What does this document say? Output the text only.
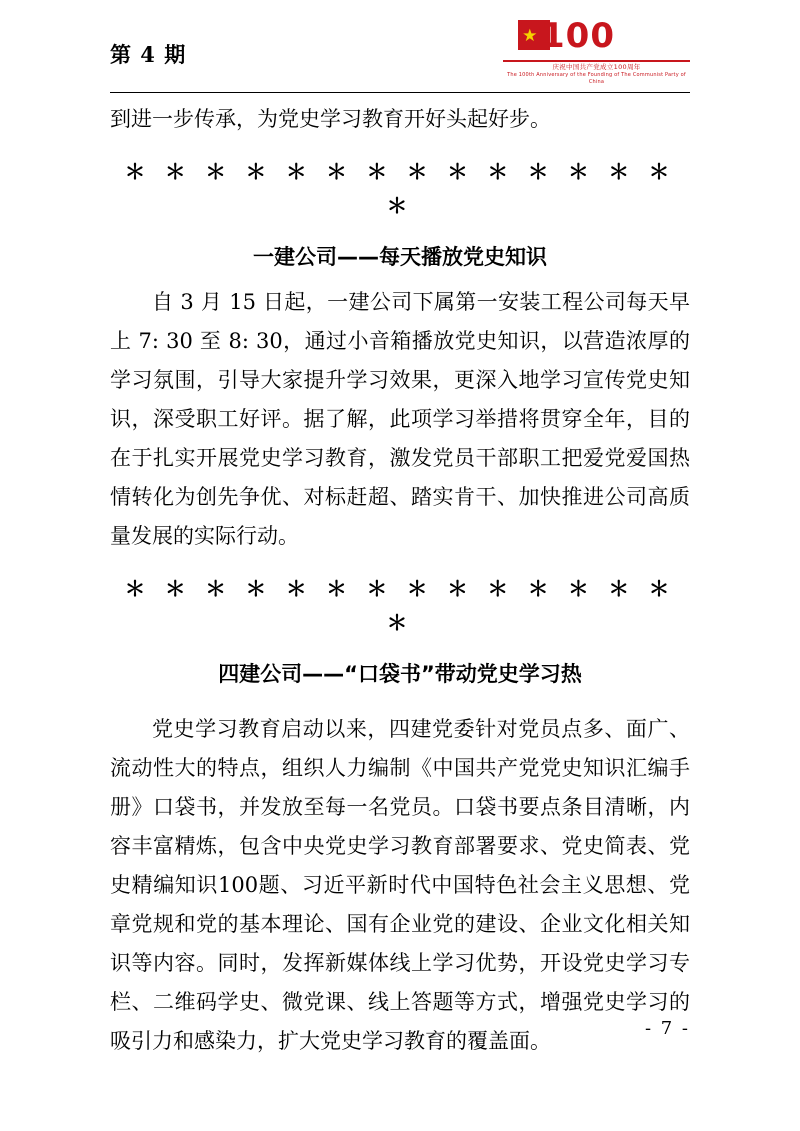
第 4 期	100
庆祝中国共产党成立100周年
The 100th Anniversary of the Founding of The Communist Party of China

到进一步传承，为党史学习教育开好头起好步。

＊ ＊ ＊ ＊ ＊ ＊ ＊ ＊ ＊ ＊ ＊ ＊ ＊ ＊ ＊
一建公司——每天播放党史知识

自 3 月 15 日起，一建公司下属第一安装工程公司每天早上 7: 30 至 8: 30，通过小音箱播放党史知识，以营造浓厚的学习氛围，引导大家提升学习效果，更深入地学习宣传党史知识，深受职工好评。据了解，此项学习举措将贯穿全年，目的在于扎实开展党史学习教育，激发党员干部职工把爱党爱国热情转化为创先争优、对标赶超、踏实肯干、加快推进公司高质量发展的实际行动。

＊ ＊ ＊ ＊ ＊ ＊ ＊ ＊ ＊ ＊ ＊ ＊ ＊ ＊ ＊
四建公司——“口袋书”带动党史学习热

党史学习教育启动以来，四建党委针对党员点多、面广、流动性大的特点，组织人力编制《中国共产党党史知识汇编手册》口袋书，并发放至每一名党员。口袋书要点条目清晰，内容丰富精炼，包含中央党史学习教育部署要求、党史简表、党史精编知识100题、习近平新时代中国特色社会主义思想、党章党规和党的基本理论、国有企业党的建设、企业文化相关知识等内容。同时，发挥新媒体线上学习优势，开设党史学习专栏、二维码学史、微党课、线上答题等方式，增强党史学习的吸引力和感染力，扩大党史学习教育的覆盖面。

- 7 -
